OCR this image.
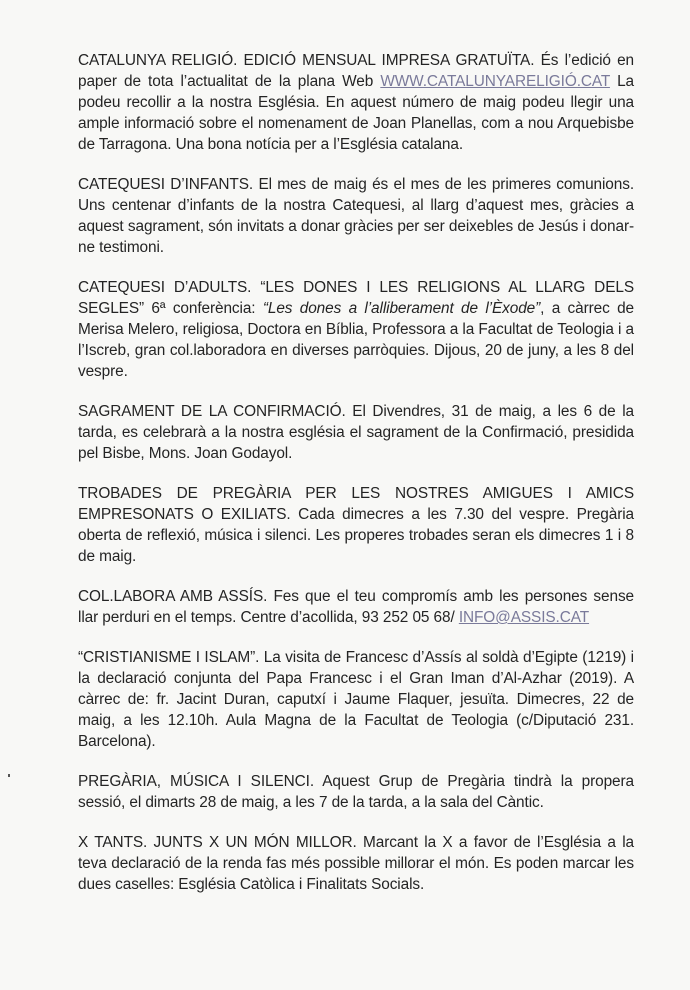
CATALUNYA RELIGIÓ. EDICIÓ MENSUAL IMPRESA GRATUÏTA. És l’edició en paper de tota l’actualitat de la plana Web WWW.CATALUNYARELIGIÓ.CAT La podeu recollir a la nostra Església. En aquest número de maig podeu llegir una ample informació sobre el nomenament de Joan Planellas, com a nou Arquebisbe de Tarragona. Una bona notícia per a l’Església catalana.

CATEQUESI D’INFANTS. El mes de maig és el mes de les primeres comunions. Uns centenar d’infants de la nostra Catequesi, al llarg d’aquest mes, gràcies a aquest sagrament, són invitats a donar gràcies per ser deixebles de Jesús i donar-ne testimoni.

CATEQUESI D’ADULTS. “LES DONES I LES RELIGIONS AL LLARG DELS SEGLES” 6ª conferència: “Les dones a l’alliberament de l’Èxode”, a càrrec de Merisa Melero, religiosa, Doctora en Bíblia, Professora a la Facultat de Teologia i a l’Iscreb, gran col.laboradora en diverses parròquies. Dijous, 20 de juny, a les 8 del vespre.

SAGRAMENT DE LA CONFIRMACIÓ. El Divendres, 31 de maig, a les 6 de la tarda, es celebrarà a la nostra església el sagrament de la Confirmació, presidida pel Bisbe, Mons. Joan Godayol.

TROBADES DE PREGÀRIA PER LES NOSTRES AMIGUES I AMICS EMPRESONATS O EXILIATS. Cada dimecres a les 7.30 del vespre. Pregària oberta de reflexió, música i silenci. Les properes trobades seran els dimecres 1 i 8 de maig.

COL.LABORA AMB ASSÍS. Fes que el teu compromís amb les persones sense llar perduri en el temps. Centre d’acollida, 93 252 05 68/ INFO@ASSIS.CAT

“CRISTIANISME I ISLAM”. La visita de Francesc d’Assís al soldà d’Egipte (1219) i la declaració conjunta del Papa Francesc i el Gran Iman d’Al-Azhar (2019). A càrrec de: fr. Jacint Duran, caputxí i Jaume Flaquer, jesuïta. Dimecres, 22 de maig, a les 12.10h. Aula Magna de la Facultat de Teologia (c/Diputació 231. Barcelona).

PREGÀRIA, MÚSICA I SILENCI. Aquest Grup de Pregària tindrà la propera sessió, el dimarts 28 de maig, a les 7 de la tarda, a la sala del Càntic.

X TANTS. JUNTS X UN MÓN MILLOR. Marcant la X a favor de l’Església a la teva declaració de la renda fas més possible millorar el món. Es poden marcar les dues caselles: Església Catòlica i Finalitats Socials.
